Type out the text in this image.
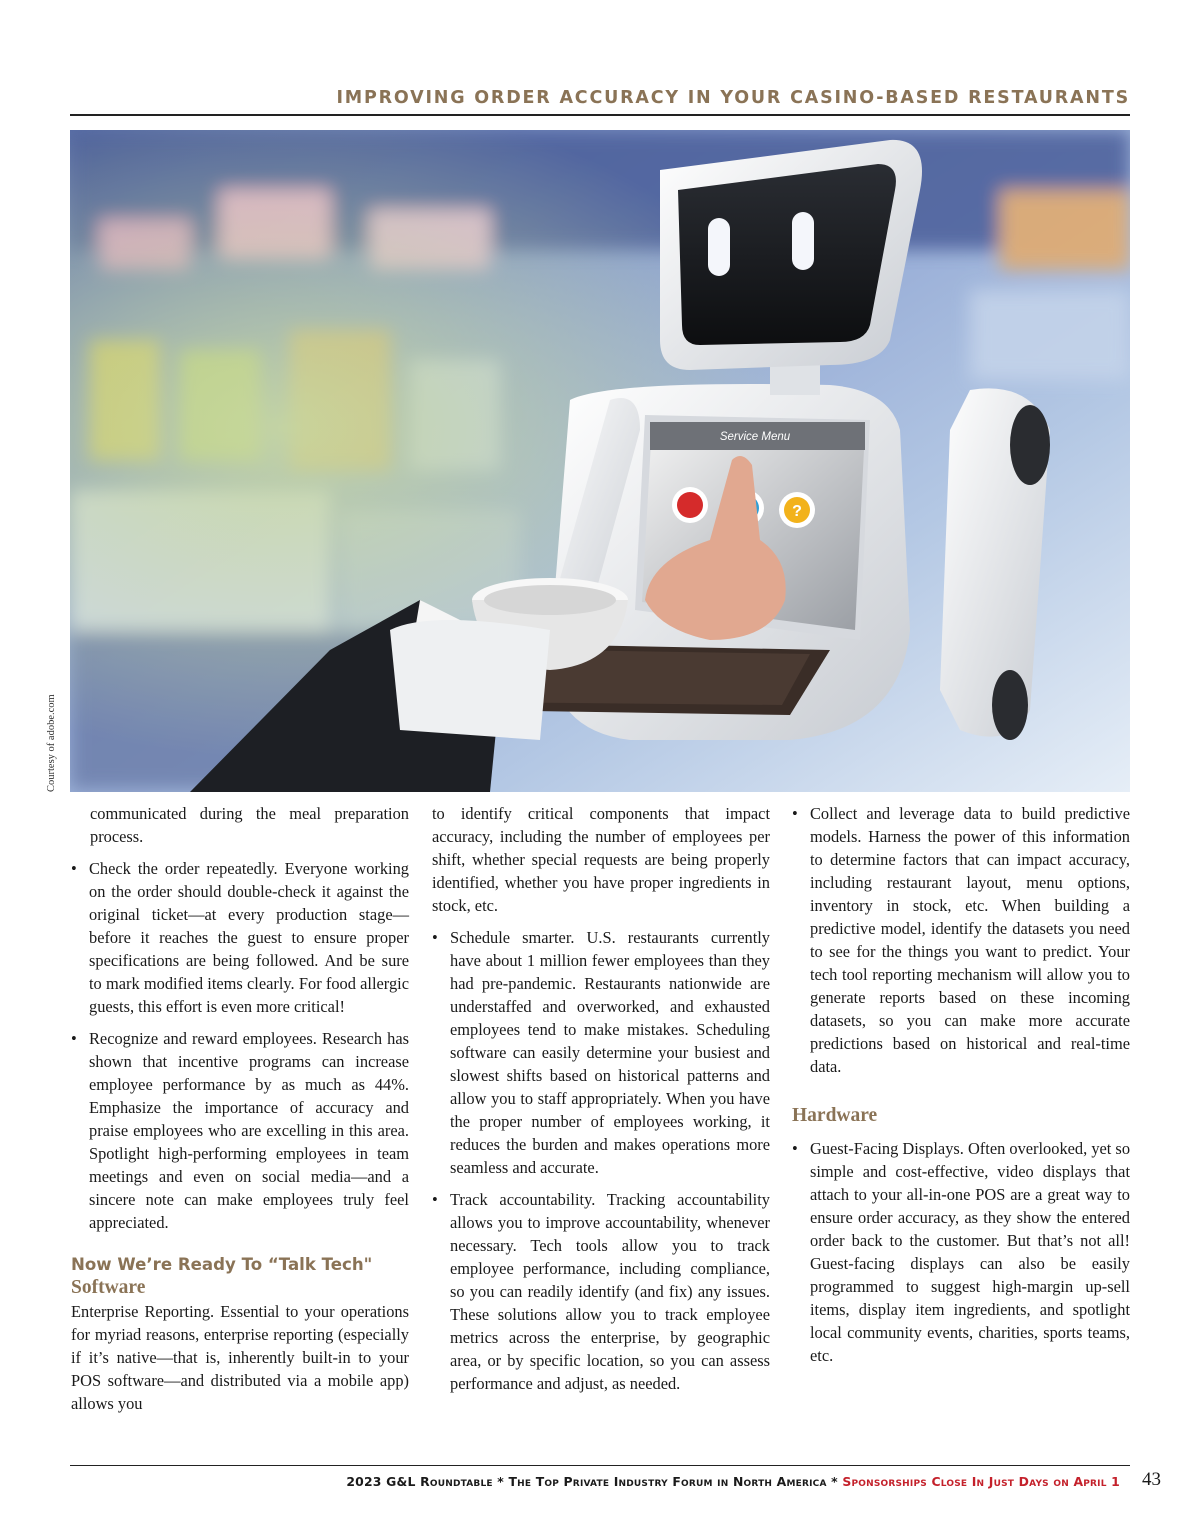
IMPROVING ORDER ACCURACY IN YOUR CASINO-BASED RESTAURANTS
Service Menu
?
Courtesy of adobe.com

communicated during the meal preparation process.

• Check the order repeatedly. Everyone working on the order should double-check it against the original ticket—at every production stage—before it reaches the guest to ensure proper specifications are being followed. And be sure to mark modified items clearly. For food allergic guests, this effort is even more critical!

• Recognize and reward employees. Research has shown that incentive programs can increase employee performance by as much as 44%. Emphasize the importance of accuracy and praise employees who are excelling in this area. Spotlight high-performing employees in team meetings and even on social media—and a sincere note can make employees truly feel appreciated.

Now We’re Ready To “Talk Tech"
Software

Enterprise Reporting. Essential to your operations for myriad reasons, enterprise reporting (especially if it’s native—that is, inherently built-in to your POS software—and distributed via a mobile app) allows you

to identify critical components that impact accuracy, including the number of employees per shift, whether special requests are being properly identified, whether you have proper ingredients in stock, etc.

• Schedule smarter. U.S. restaurants currently have about 1 million fewer employees than they had pre-pandemic. Restaurants nationwide are understaffed and overworked, and exhausted employees tend to make mistakes. Scheduling software can easily determine your busiest and slowest shifts based on historical patterns and allow you to staff appropriately. When you have the proper number of employees working, it reduces the burden and makes operations more seamless and accurate.

• Track accountability. Tracking accountability allows you to improve accountability, whenever necessary. Tech tools allow you to track employee performance, including compliance, so you can readily identify (and fix) any issues. These solutions allow you to track employee metrics across the enterprise, by geographic area, or by specific location, so you can assess performance and adjust, as needed.

• Collect and leverage data to build predictive models. Harness the power of this information to determine factors that can impact accuracy, including restaurant layout, menu options, inventory in stock, etc. When building a predictive model, identify the datasets you need to see for the things you want to predict. Your tech tool reporting mechanism will allow you to generate reports based on these incoming datasets, so you can make more accurate predictions based on historical and real-time data.

Hardware

• Guest-Facing Displays. Often overlooked, yet so simple and cost-effective, video displays that attach to your all-in-one POS are a great way to ensure order accuracy, as they show the entered order back to the customer. But that’s not all! Guest-facing displays can also be easily programmed to suggest high-margin up-sell items, display item ingredients, and spotlight local community events, charities, sports teams, etc.

2023 G&L Roundtable * The Top Private Industry Forum in North America * Sponsorships Close In Just Days on April 1 43
